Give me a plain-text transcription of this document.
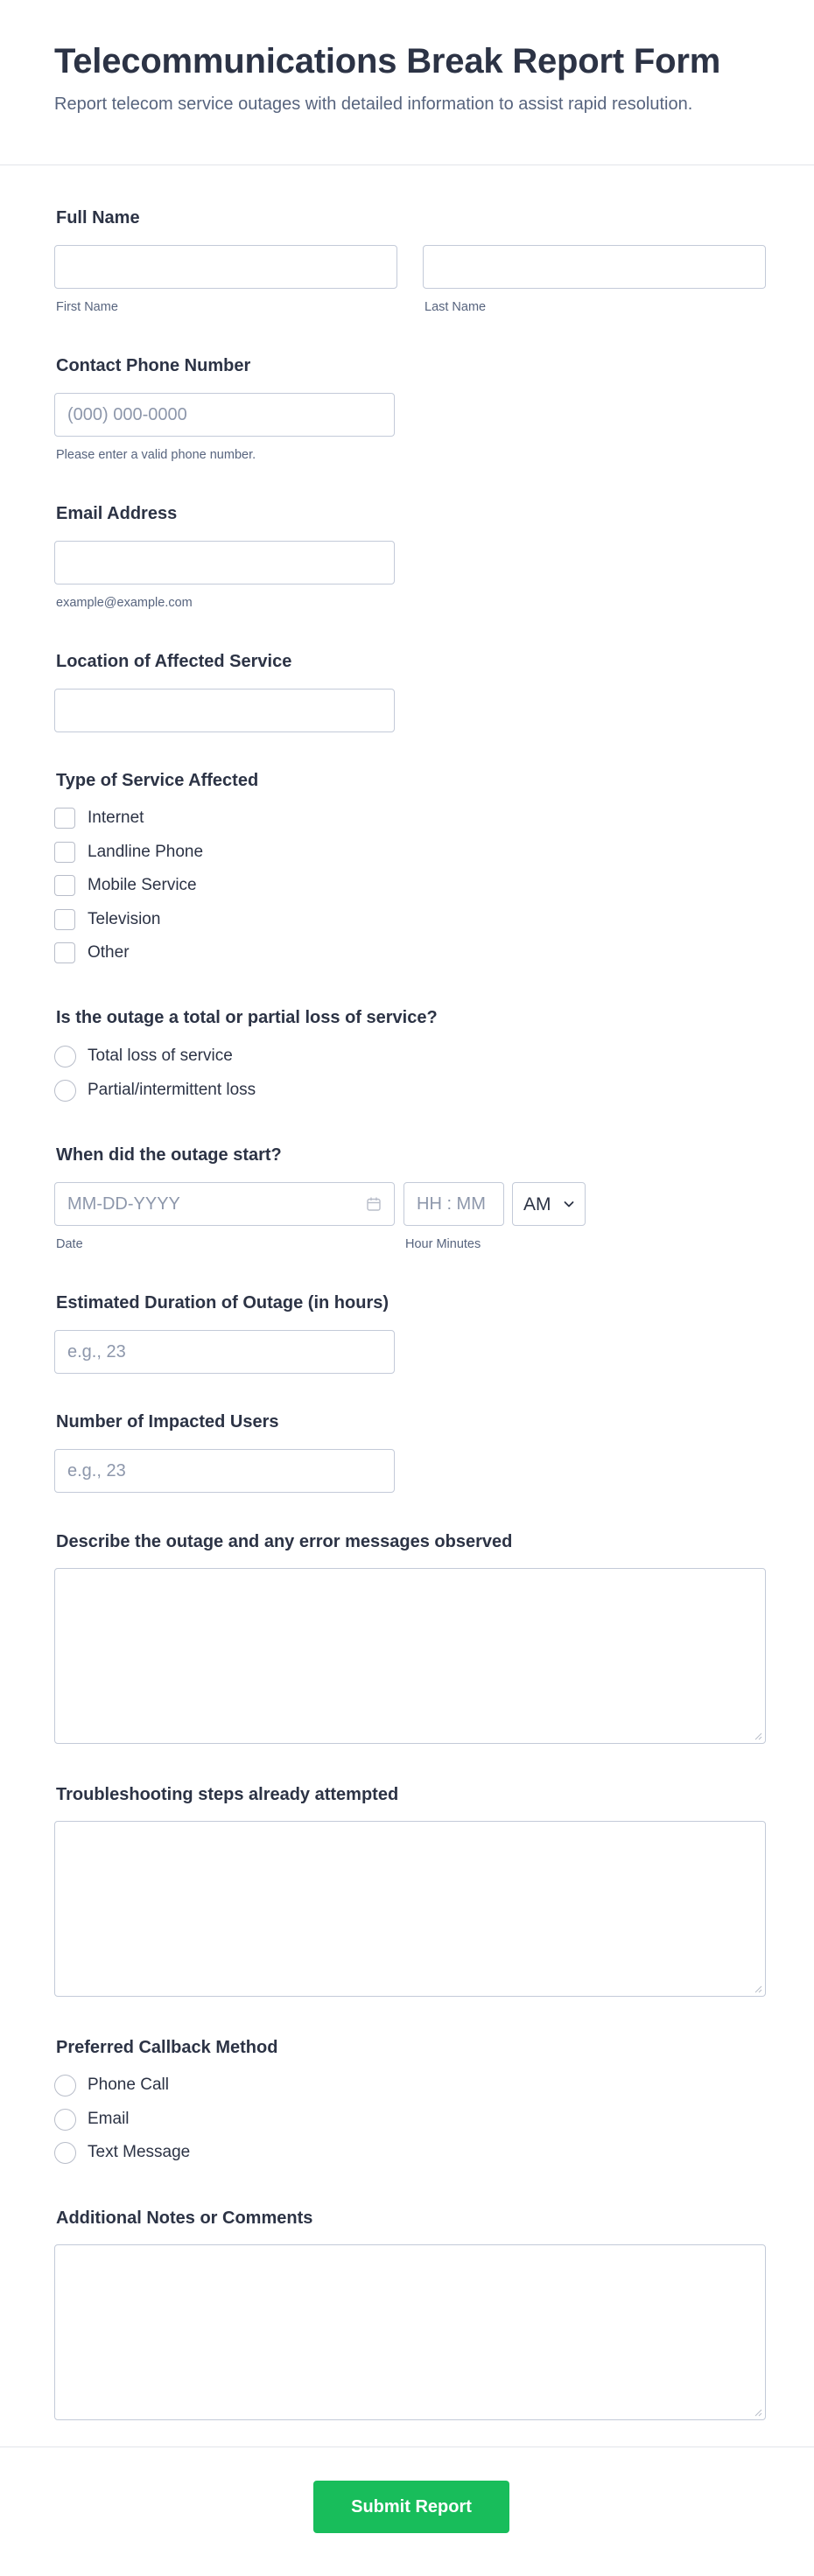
Telecommunications Break Report Form

Report telecom service outages with detailed information to assist rapid resolution.

Full Name
First Name	Last Name
Contact Phone Number
(000) 000-0000
Please enter a valid phone number.
Email Address
example@example.com
Location of Affected Service
Type of Service Affected
Internet
Landline Phone
Mobile Service
Television
Other
Is the outage a total or partial loss of service?
Total loss of service
Partial/intermittent loss
When did the outage start?
MM-DD-YYYY
Date
HH : MM
Hour Minutes
AM
Estimated Duration of Outage (in hours)
e.g., 23
Number of Impacted Users
e.g., 23
Describe the outage and any error messages observed
Troubleshooting steps already attempted
Preferred Callback Method
Phone Call
Email
Text Message
Additional Notes or Comments
Submit Report
